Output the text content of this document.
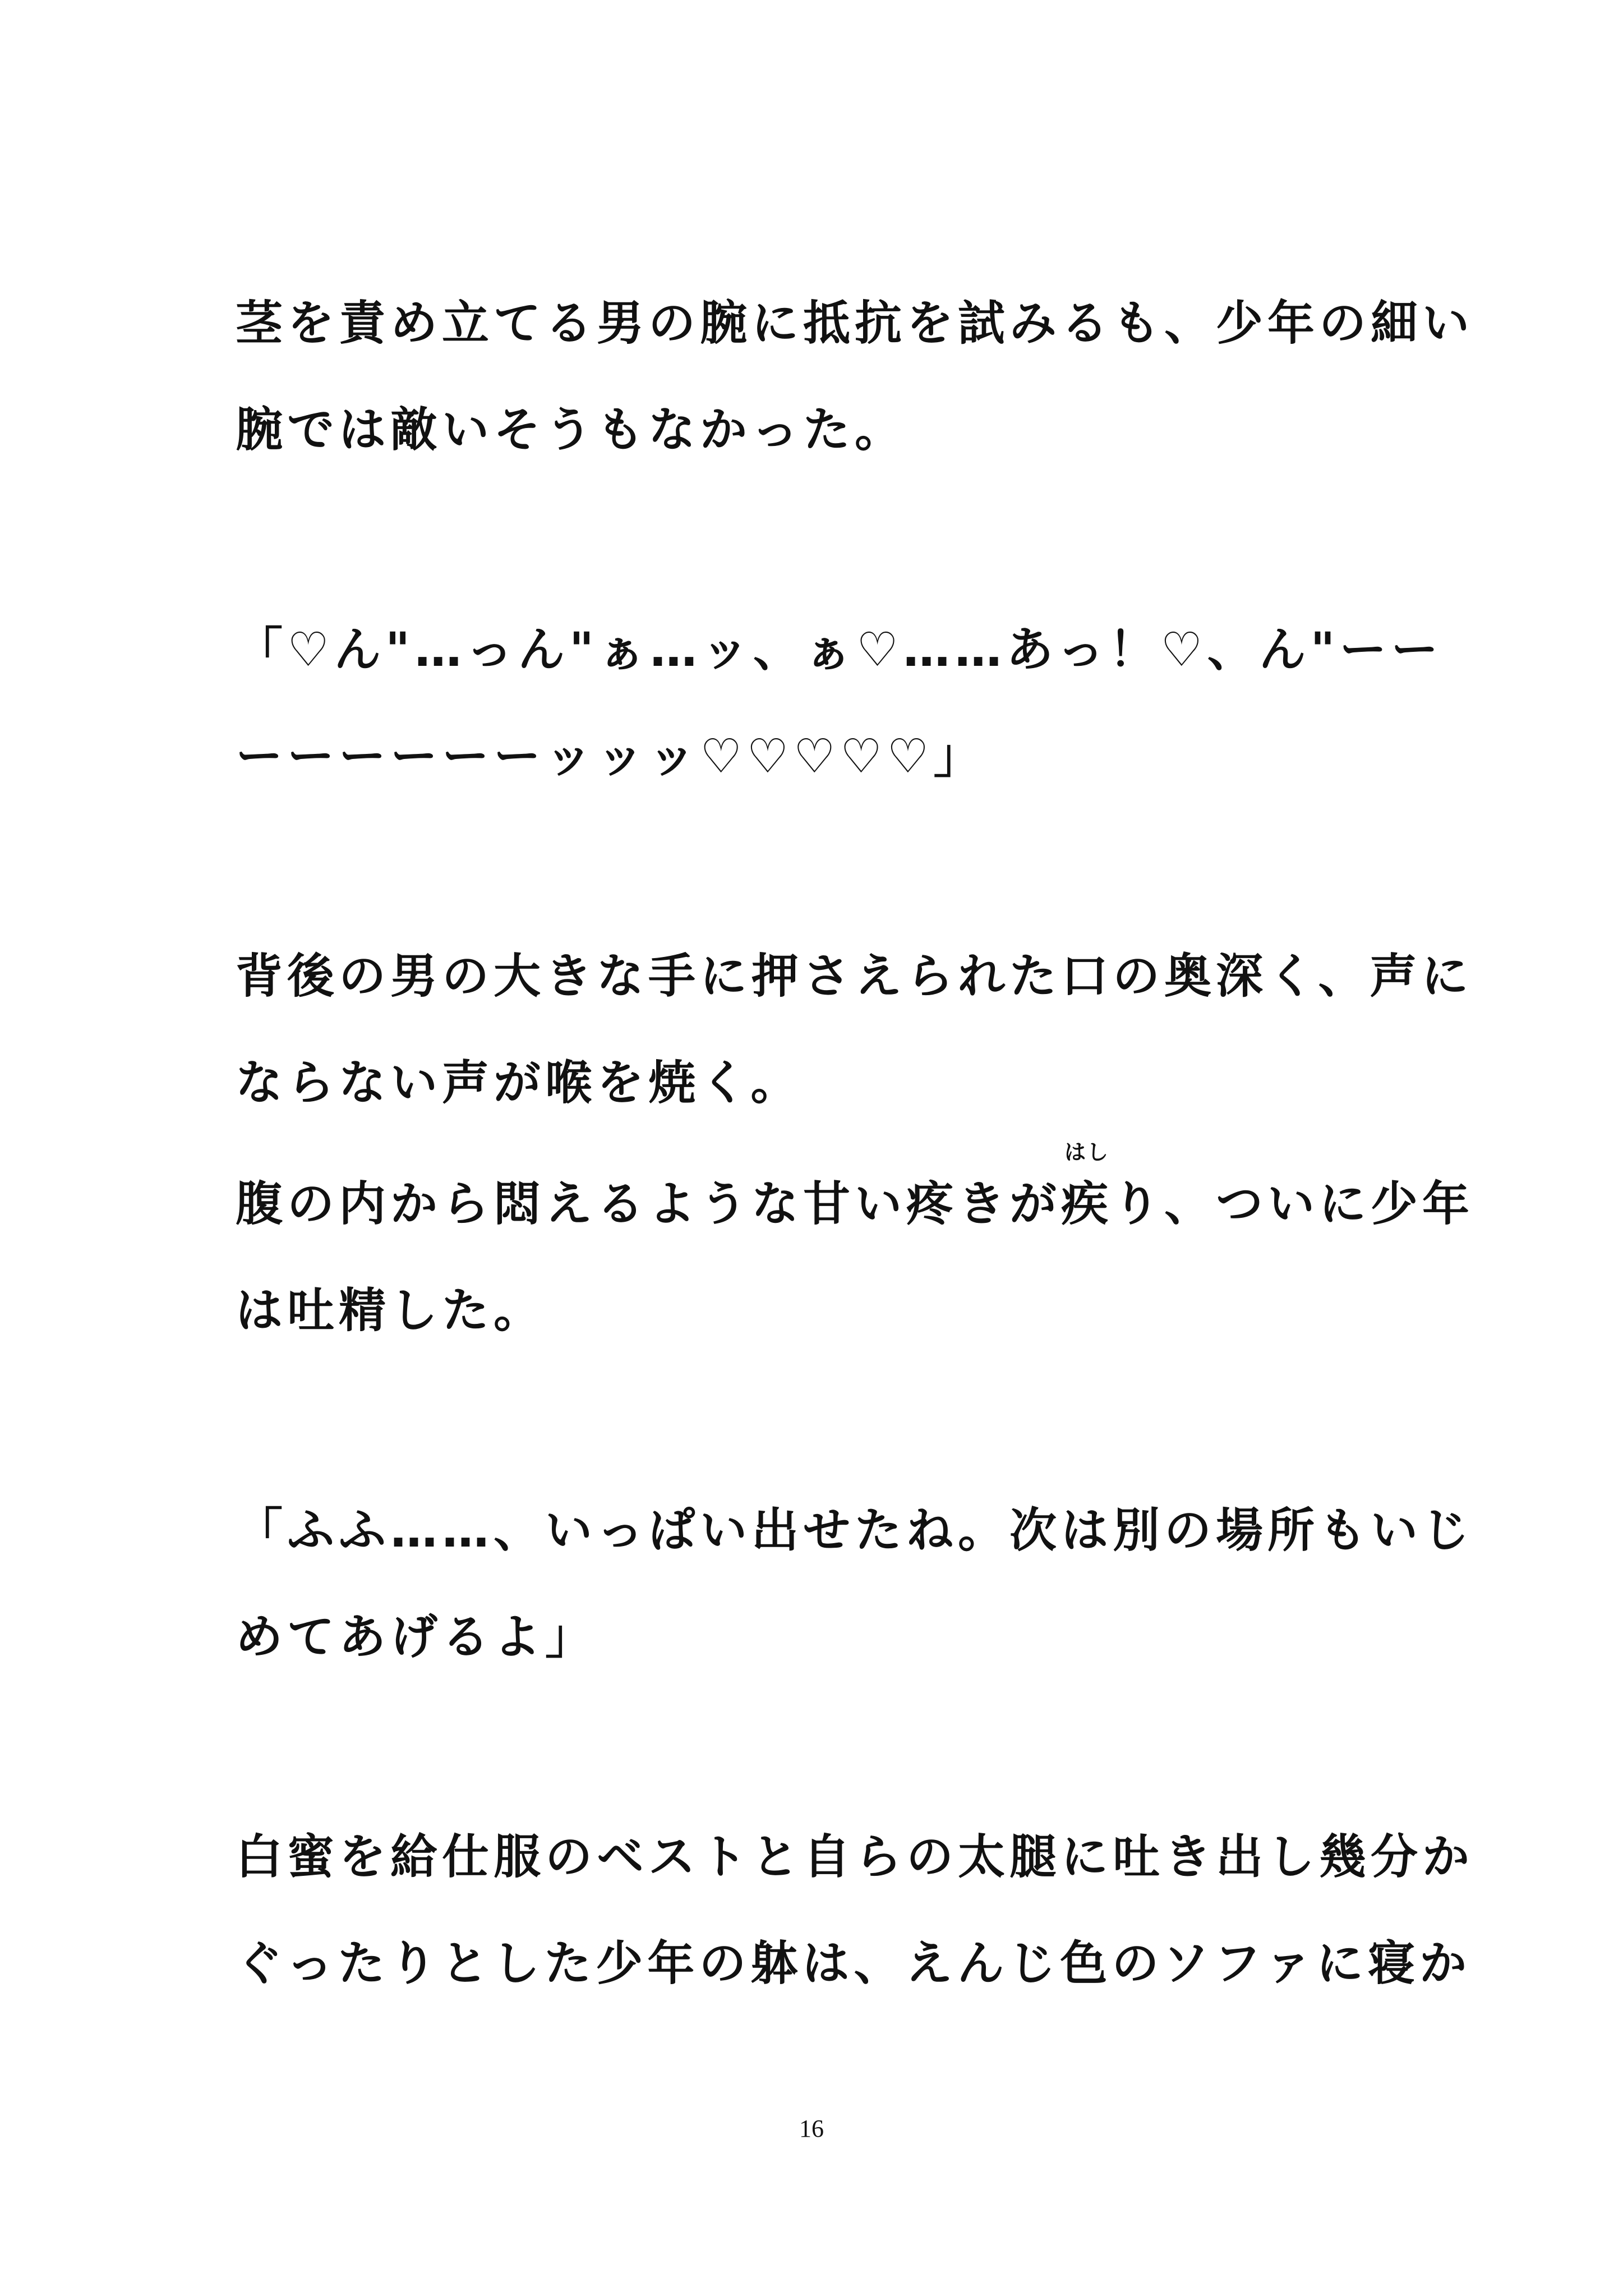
茎を責め立てる男の腕に抵抗を試みるも、少年の細い

腕では敵いそうもなかった。

「♡ん"…っん"ぁ…ッ、ぁ♡……あっ！♡、ん"ーー

ーーーーーーッッッ♡♡♡♡♡」

背後の男の大きな手に押さえられた口の奥深く、声に

ならない声が喉を焼く。

腹の内から悶えるような甘い疼きが
はし
疾り、ついに少年

は吐精した。

「ふふ……、いっぱい出せたね。次は別の場所もいじ

めてあげるよ」

白蜜を給仕服のベストと自らの太腿に吐き出し幾分か

ぐったりとした少年の躰は、えんじ色のソファに寝か

16
